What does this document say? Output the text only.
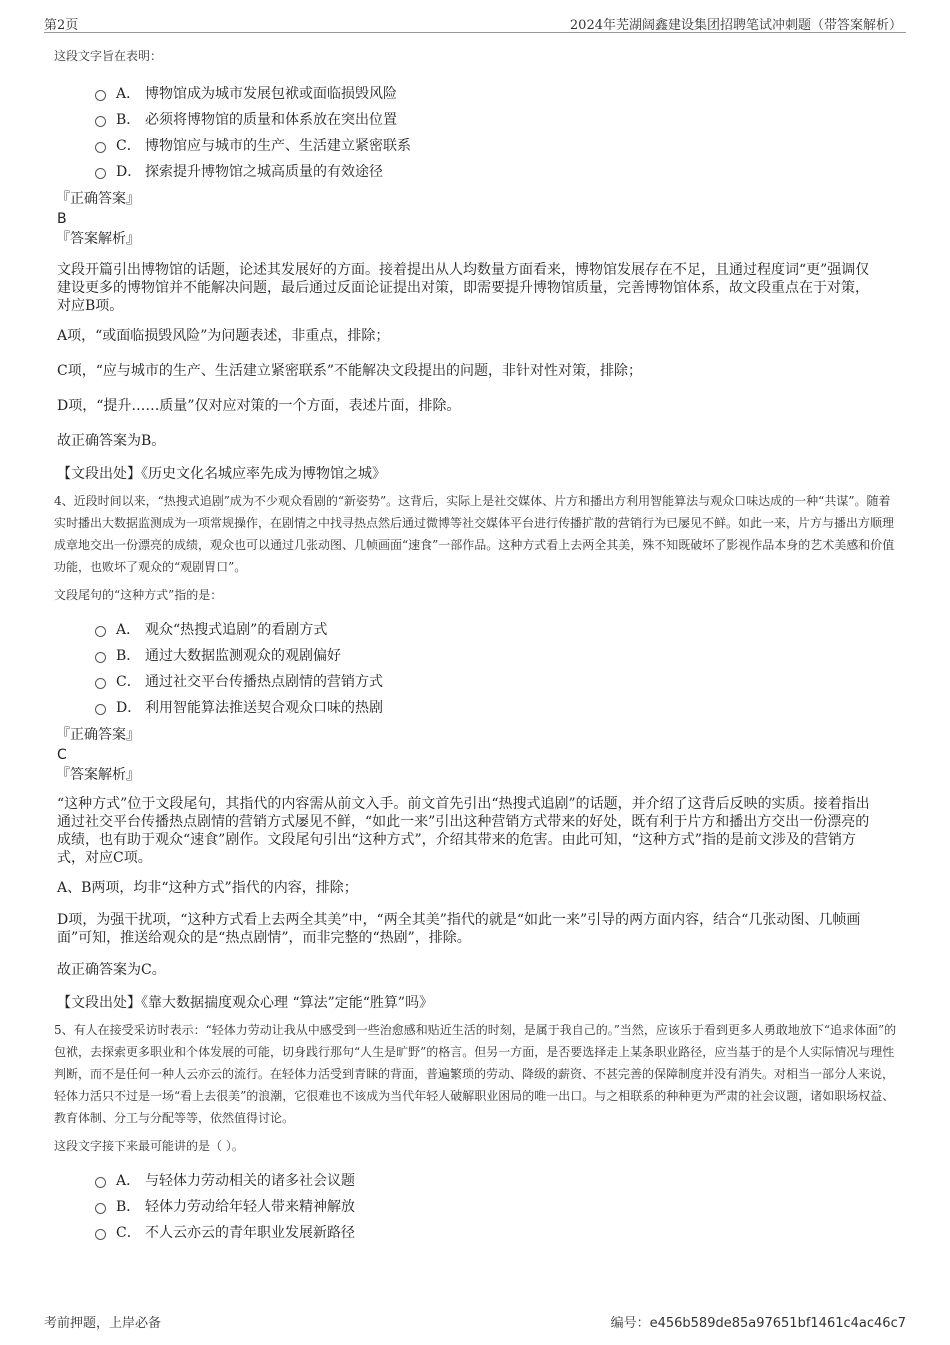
第2页	2024年芜湖阔鑫建设集团招聘笔试冲刺题（带答案解析）
这段文字旨在表明：
A． 博物馆成为城市发展包袱或面临损毁风险
B． 必须将博物馆的质量和体系放在突出位置
C． 博物馆应与城市的生产、生活建立紧密联系
D． 探索提升博物馆之城高质量的有效途径
『正确答案』
B
『答案解析』
文段开篇引出博物馆的话题，论述其发展好的方面。接着提出从人均数量方面看来，博物馆发展存在不足，且通过程度词“更”强调仅建设更多的博物馆并不能解决问题，最后通过反面论证提出对策，即需要提升博物馆质量，完善博物馆体系，故文段重点在于对策，对应B项。
A项，“或面临损毁风险”为问题表述，非重点，排除；
C项，“应与城市的生产、生活建立紧密联系”不能解决文段提出的问题，非针对性对策，排除；
D项，“提升……质量”仅对应对策的一个方面，表述片面，排除。
故正确答案为B。
【文段出处】《历史文化名城应率先成为博物馆之城》
4、近段时间以来，“热搜式追剧”成为不少观众看剧的“新姿势”。这背后，实际上是社交媒体、片方和播出方利用智能算法与观众口味达成的一种“共谋”。随着实时播出大数据监测成为一项常规操作，在剧情之中找寻热点然后通过微博等社交媒体平台进行传播扩散的营销行为已屡见不鲜。如此一来，片方与播出方顺理成章地交出一份漂亮的成绩，观众也可以通过几张动图、几帧画面“速食”一部作品。这种方式看上去两全其美，殊不知既破坏了影视作品本身的艺术美感和价值功能，也败坏了观众的“观剧胃口”。
文段尾句的“这种方式”指的是：
A． 观众“热搜式追剧”的看剧方式
B． 通过大数据监测观众的观剧偏好
C． 通过社交平台传播热点剧情的营销方式
D． 利用智能算法推送契合观众口味的热剧
『正确答案』
C
『答案解析』
“这种方式”位于文段尾句，其指代的内容需从前文入手。前文首先引出“热搜式追剧”的话题，并介绍了这背后反映的实质。接着指出通过社交平台传播热点剧情的营销方式屡见不鲜，“如此一来”引出这种营销方式带来的好处，既有利于片方和播出方交出一份漂亮的成绩，也有助于观众“速食”剧作。文段尾句引出“这种方式”，介绍其带来的危害。由此可知，“这种方式”指的是前文涉及的营销方式，对应C项。
A、B两项，均非“这种方式”指代的内容，排除；
D项，为强干扰项，“这种方式看上去两全其美”中，“两全其美”指代的就是“如此一来”引导的两方面内容，结合“几张动图、几帧画面”可知，推送给观众的是“热点剧情”，而非完整的“热剧”，排除。
故正确答案为C。
【文段出处】《靠大数据揣度观众心理 “算法”定能“胜算”吗》
5、有人在接受采访时表示：“轻体力劳动让我从中感受到一些治愈感和贴近生活的时刻，是属于我自己的。”当然，应该乐于看到更多人勇敢地放下“追求体面”的包袱，去探索更多职业和个体发展的可能，切身践行那句“人生是旷野”的格言。但另一方面，是否要选择走上某条职业路径，应当基于的是个人实际情况与理性判断，而不是任何一种人云亦云的流行。在轻体力活受到青睐的背面，普遍繁琐的劳动、降级的薪资、不甚完善的保障制度并没有消失。对相当一部分人来说，轻体力活只不过是一场“看上去很美”的浪潮，它很难也不该成为当代年轻人破解职业困局的唯一出口。与之相联系的种种更为严肃的社会议题，诸如职场权益、教育体制、分工与分配等等，依然值得讨论。
这段文字接下来最可能讲的是（ ）。
A． 与轻体力劳动相关的诸多社会议题
B． 轻体力劳动给年轻人带来精神解放
C． 不人云亦云的青年职业发展新路径
考前押题，上岸必备	编号：e456b589de85a97651bf1461c4ac46c7
